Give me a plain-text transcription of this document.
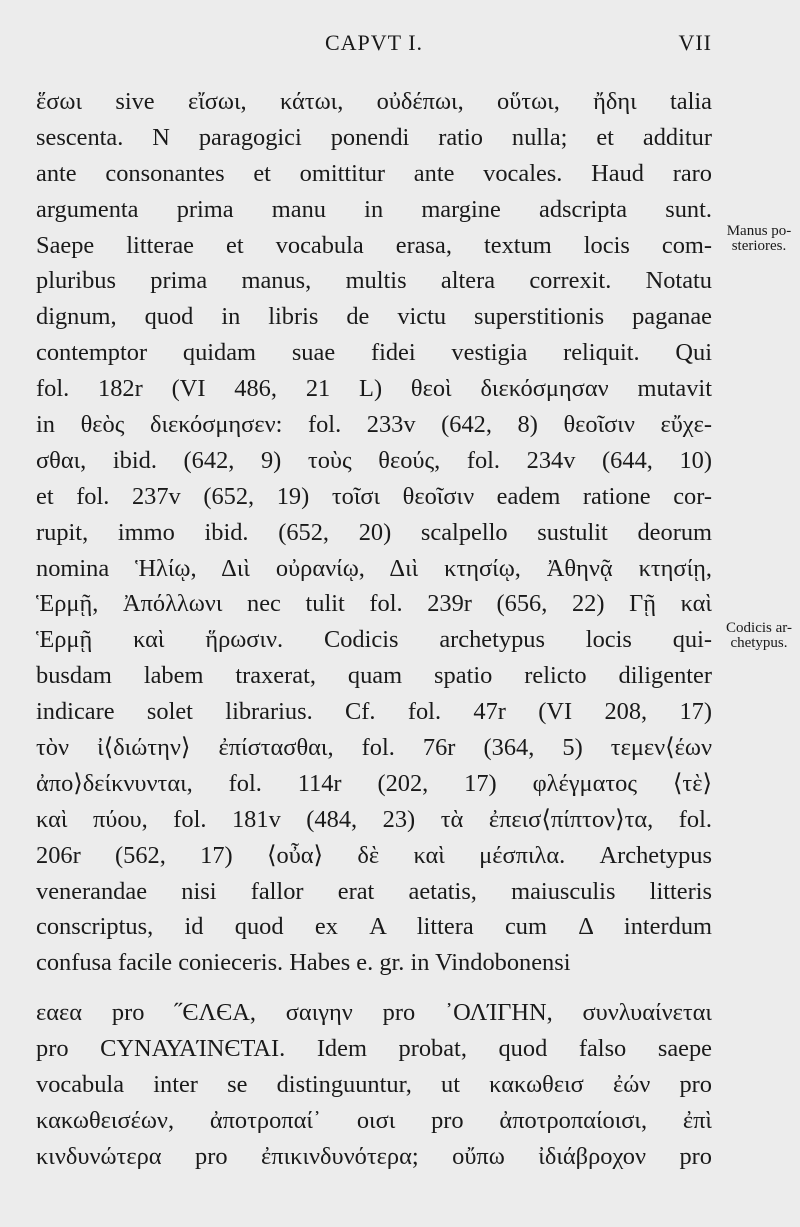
CAPVT I.	VII
ἕσωι sive εἴσωι, κάτωι, οὐδέπωι, οὕτωι, ἤδηι talia
sescenta. N paragogici ponendi ratio nulla; et additur
ante consonantes et omittitur ante vocales. Haud raro
argumenta prima manu in margine adscripta sunt.
Saepe litterae et vocabula erasa, textum locis com-
pluribus prima manus, multis altera correxit. Notatu
dignum, quod in libris de victu superstitionis paganae
contemptor quidam suae fidei vestigia reliquit. Qui
fol. 182r (VI 486, 21 L) θεοὶ διεκόσμησαν mutavit
in θεὸς διεκόσμησεν: fol. 233v (642, 8) θεοῖσιν εὔχε-
σθαι, ibid. (642, 9) τοὺς θεούς, fol. 234v (644, 10)
et fol. 237v (652, 19) τοῖσι θεοῖσιν eadem ratione cor-
rupit, immo ibid. (652, 20) scalpello sustulit deorum
nomina Ἡλίῳ, Διὶ οὐρανίῳ, Διὶ κτησίῳ, Ἀθηνᾷ κτησίῃ,
Ἑρμῇ, Ἀπόλλωνι nec tulit fol. 239r (656, 22) Γῇ καὶ
Ἑρμῇ καὶ ἥρωσιν. Codicis archetypus locis qui-
busdam labem traxerat, quam spatio relicto diligenter
indicare solet librarius. Cf. fol. 47r (VI 208, 17)
τὸν ἰ⟨διώτην⟩ ἐπίστασθαι, fol. 76r (364, 5) τεμεν⟨έων
ἀπο⟩δείκνυνται, fol. 114r (202, 17) φλέγματος ⟨τὲ⟩
καὶ πύου, fol. 181v (484, 23) τὰ ἐπεισ⟨πίπτον⟩τα, fol.
206r (562, 17) ⟨οὖα⟩ δὲ καὶ μέσπιλα. Archetypus
venerandae nisi fallor erat aetatis, maiusculis litteris
conscriptus, id quod ex Α littera cum Δ interdum
confusa facile conieceris. Habes e. gr. in Vindobonensi
εαεα pro ˝ЄΛЄΑ, σαιγην pro ᾽ΟΛΊΓΗΝ, συνλυαίνεται
pro CΥΝΑΥΑΊΝЄΤΑΙ. Idem probat, quod falso saepe
vocabula inter se distinguuntur, ut κακωθεισ ἐών pro
κακωθεισέων, ἀποτροπαί᾽ οισι pro ἀποτροπαίοισι, ἐπὶ
κινδυνώτερα pro ἐπικινδυνότερα; οὔπω ἰδιάβροχον pro
Manus po-
steriores.
Codicis ar-
chetypus.
